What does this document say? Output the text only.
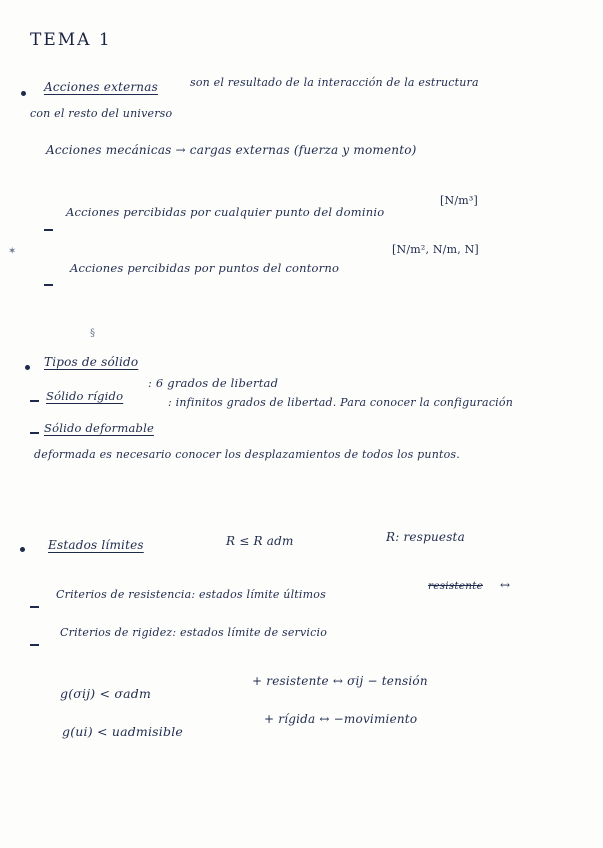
TEMA 1
Acciones externas	son el resultado de la interacción de la estructura
con el resto del universo
Acciones mecánicas → cargas externas (fuerza y momento)
Acciones percibidas por cualquier punto del dominio
[N/m³]
✶
Acciones percibidas por puntos del contorno
[N/m², N/m, N]
§
Tipos de sólido
Sólido rígido
: 6 grados de libertad
Sólido deformable
: infinitos grados de libertad. Para conocer la configuración
deformada es necesario conocer los desplazamientos de todos los puntos.
Estados límites	R ≤ R adm	R: respuesta
Criterios de resistencia: estados límite últimos
resistente ↔
Criterios de rigidez: estados límite de servicio
g(σij) < σadm
+ resistente ↔ σij − tensión
g(ui) < uadmisible
+ rígida ↔ −movimiento
